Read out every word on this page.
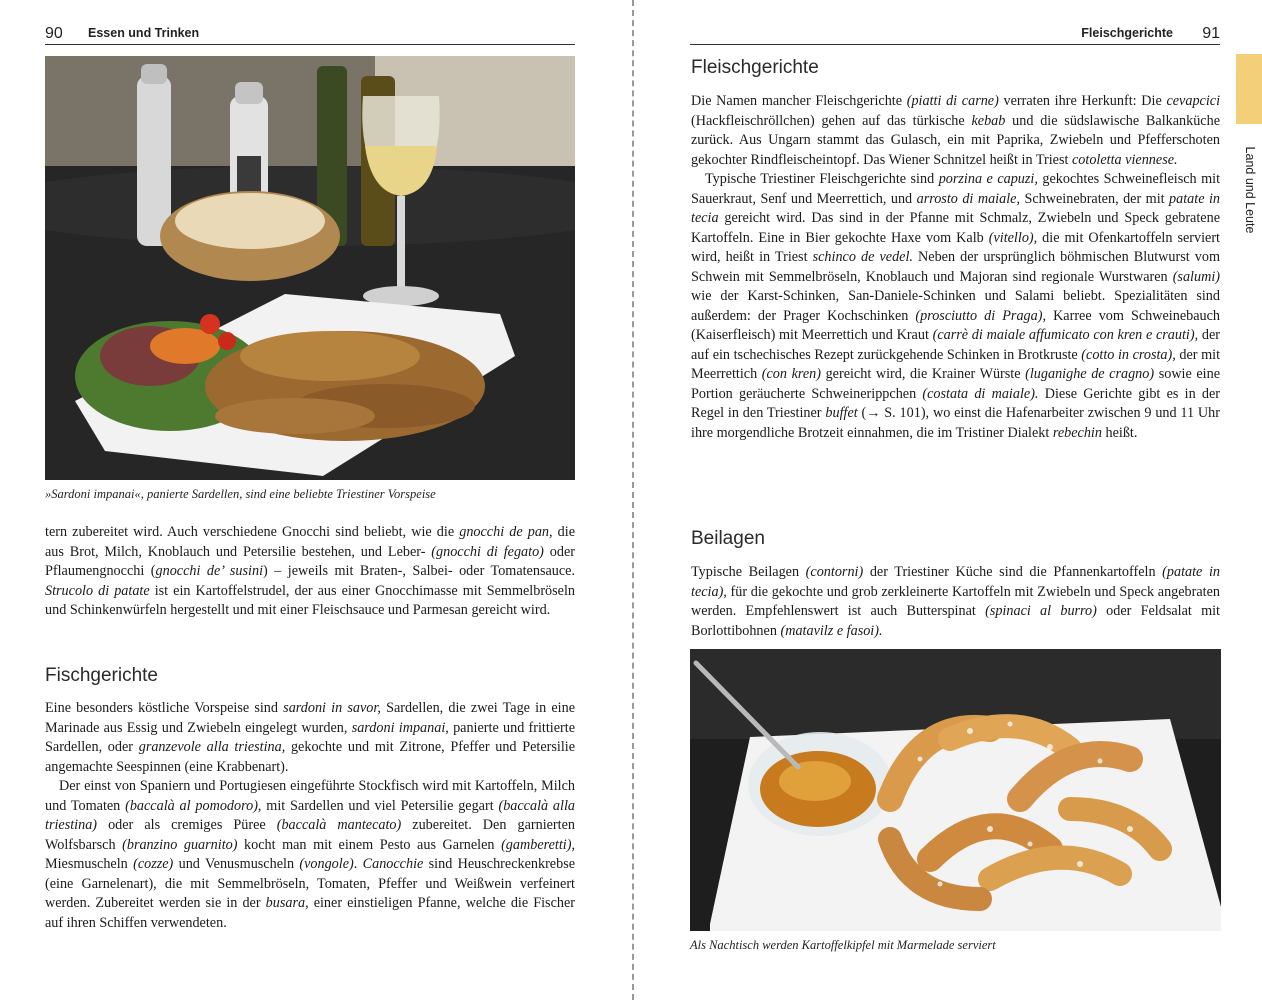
90 Essen und Trinken
»Sardoni impanai«, panierte Sardellen, sind eine beliebte Triestiner Vorspeise
tern zubereitet wird. Auch verschiedene Gnocchi sind beliebt, wie die gnocchi de pan, die aus Brot, Milch, Knoblauch und Petersilie bestehen, und Leber- (gnocchi di fegato) oder Pflaumengnocchi (gnocchi de’ susini) – jeweils mit Braten-, Salbei- oder Tomatensauce. Strucolo di patate ist ein Kartoffelstrudel, der aus einer Gnocchimasse mit Semmelbröseln und Schinkenwürfeln hergestellt und mit einer Fleischsauce und Parmesan gereicht wird.
Fischgerichte

Eine besonders köstliche Vorspeise sind sardoni in savor, Sardellen, die zwei Tage in eine Marinade aus Essig und Zwiebeln eingelegt wurden, sardoni impanai, panierte und frittierte Sardellen, oder granzevole alla triestina, gekochte und mit Zitrone, Pfeffer und Petersilie angemachte Seespinnen (eine Krabbenart).

Der einst von Spaniern und Portugiesen eingeführte Stockfisch wird mit Kartoffeln, Milch und Tomaten (baccalà al pomodoro), mit Sardellen und viel Petersilie gegart (baccalà alla triestina) oder als cremiges Püree (baccalà mantecato) zubereitet. Den garnierten Wolfsbarsch (branzino guarnito) kocht man mit einem Pesto aus Garnelen (gamberetti), Miesmuscheln (cozze) und Venusmuscheln (vongole). Canocchie sind Heuschreckenkrebse (eine Garnelenart), die mit Semmelbröseln, Tomaten, Pfeffer und Weißwein verfeinert werden. Zubereitet werden sie in der busara, einer einstieligen Pfanne, welche die Fischer auf ihren Schiffen verwendeten.

Fleischgerichte 91
Fleischgerichte

Die Namen mancher Fleischgerichte (piatti di carne) verraten ihre Herkunft: Die cevapcici (Hackfleischröllchen) gehen auf das türkische kebab und die südslawische Balkanküche zurück. Aus Ungarn stammt das Gulasch, ein mit Paprika, Zwiebeln und Pfefferschoten gekochter Rindfleischeintopf. Das Wiener Schnitzel heißt in Triest cotoletta viennese.

Typische Triestiner Fleischgerichte sind porzina e capuzi, gekochtes Schweinefleisch mit Sauerkraut, Senf und Meerrettich, und arrosto di maiale, Schweinebraten, der mit patate in tecia gereicht wird. Das sind in der Pfanne mit Schmalz, Zwiebeln und Speck gebratene Kartoffeln. Eine in Bier gekochte Haxe vom Kalb (vitello), die mit Ofenkartoffeln serviert wird, heißt in Triest schinco de vedel. Neben der ursprünglich böhmischen Blutwurst vom Schwein mit Semmelbröseln, Knoblauch und Majoran sind regionale Wurstwaren (salumi) wie der Karst-Schinken, San-Daniele-Schinken und Salami beliebt. Spezialitäten sind außerdem: der Prager Kochschinken (prosciutto di Praga), Karree vom Schweinebauch (Kaiserfleisch) mit Meerrettich und Kraut (carrè di maiale affumicato con kren e crauti), der auf ein tschechisches Rezept zurückgehende Schinken in Brotkruste (cotto in crosta), der mit Meerrettich (con kren) gereicht wird, die Krainer Würste (luganighe de cragno) sowie eine Portion geräucherte Schweinerippchen (costata di maiale). Diese Gerichte gibt es in der Regel in den Triestiner buffet (→ S. 101), wo einst die Hafenarbeiter zwischen 9 und 11 Uhr ihre morgendliche Brotzeit einnahmen, die im Tristiner Dialekt rebechin heißt.

Beilagen

Typische Beilagen (contorni) der Triestiner Küche sind die Pfannenkartoffeln (patate in tecia), für die gekochte und grob zerkleinerte Kartoffeln mit Zwiebeln und Speck angebraten werden. Empfehlenswert ist auch Butterspinat (spinaci al burro) oder Feldsalat mit Borlottibohnen (matavilz e fasoi).

Als Nachtisch werden Kartoffelkipfel mit Marmelade serviert
Land und Leute
